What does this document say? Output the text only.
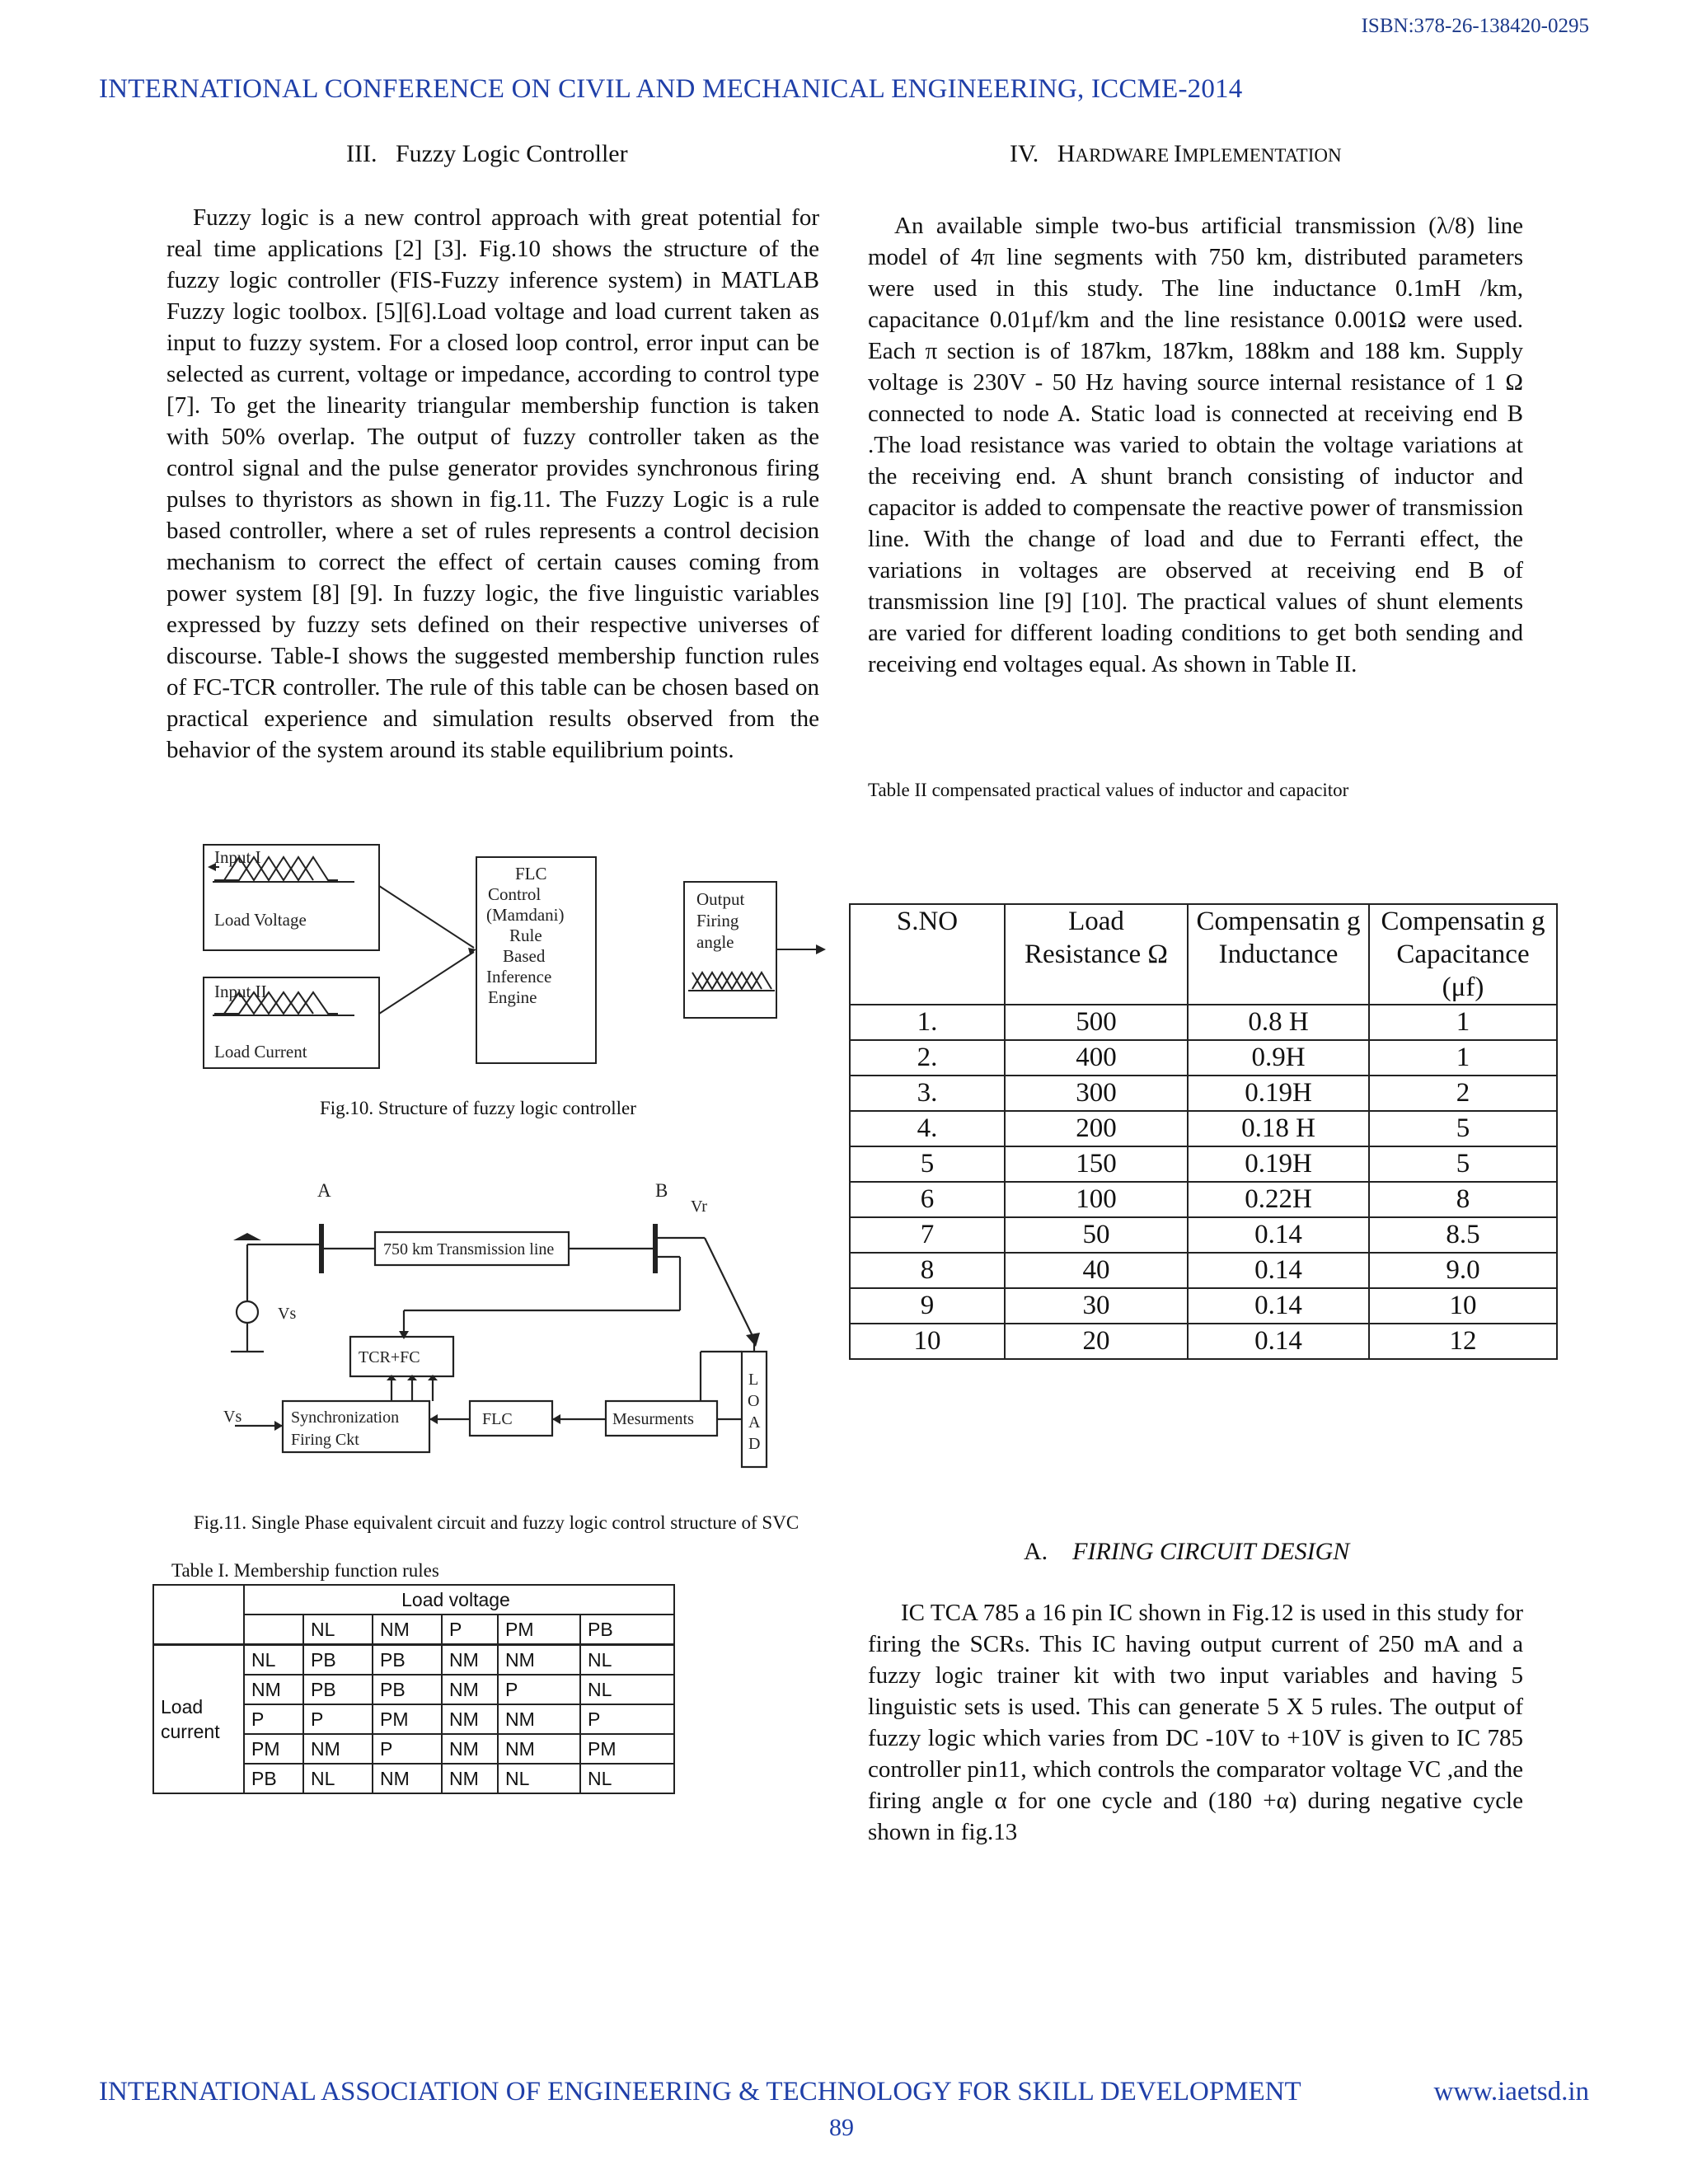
ISBN:378-26-138420-0295
INTERNATIONAL CONFERENCE ON CIVIL AND MECHANICAL ENGINEERING, ICCME-2014
III. Fuzzy Logic Controller
Fuzzy logic is a new control approach with great potential for real time applications [2] [3]. Fig.10 shows the structure of the fuzzy logic controller (FIS-Fuzzy inference system) in MATLAB Fuzzy logic toolbox. [5][6].Load voltage and load current taken as input to fuzzy system. For a closed loop control, error input can be selected as current, voltage or impedance, according to control type [7]. To get the linearity triangular membership function is taken with 50% overlap. The output of fuzzy controller taken as the control signal and the pulse generator provides synchronous firing pulses to thyristors as shown in fig.11. The Fuzzy Logic is a rule based controller, where a set of rules represents a control decision mechanism to correct the effect of certain causes coming from power system [8] [9]. In fuzzy logic, the five linguistic variables expressed by fuzzy sets defined on their respective universes of discourse. Table-I shows the suggested membership function rules of FC-TCR controller. The rule of this table can be chosen based on practical experience and simulation results observed from the behavior of the system around its stable equilibrium points.
IV. HARDWARE IMPLEMENTATION
An available simple two-bus artificial transmission (λ/8) line model of 4π line segments with 750 km, distributed parameters were used in this study. The line inductance 0.1mH /km, capacitance 0.01μf/km and the line resistance 0.001Ω were used. Each π section is of 187km, 187km, 188km and 188 km. Supply voltage is 230V - 50 Hz having source internal resistance of 1 Ω connected to node A. Static load is connected at receiving end B .The load resistance was varied to obtain the voltage variations at the receiving end. A shunt branch consisting of inductor and capacitor is added to compensate the reactive power of transmission line. With the change of load and due to Ferranti effect, the variations in voltages are observed at receiving end B of transmission line [9] [10]. The practical values of shunt elements are varied for different loading conditions to get both sending and receiving end voltages equal. As shown in Table II.
Table II compensated practical values of inductor and capacitor
S.NO	Load Resistance Ω	Compensatin g Inductance	Compensatin g Capacitance (μf)
1.	500	0.8 H	1
2.	400	0.9H	1
3.	300	0.19H	2
4.	200	0.18 H	5
5	150	0.19H	5
6	100	0.22H	8
7	50	0.14	8.5
8	40	0.14	9.0
9	30	0.14	10
10	20	0.14	12
Input I
Load Voltage
Input II
Load Current
FLC
Control
(Mamdani)
Rule
Based
Inference
Engine
Output
Firing
angle
Fig.10. Structure of fuzzy logic controller
A	B
Vr
Vs
Vs
750 km Transmission line
TCR+FC
Synchronization
Firing Ckt
FLC	Mesurments
L
O
A
D
Fig.11. Single Phase equivalent circuit and fuzzy logic control structure of SVC
Table I. Membership function rules
	Load voltage					
		NL	NM	P	PM	PB
Load current	NL	PB	PB	NM	NM	NL
	NM	PB	PB	NM	P	NL
	P	P	PM	NM	NM	P
	PM	NM	P	NM	NM	PM
	PB	NL	NM	NM	NL	NL
A. FIRING CIRCUIT DESIGN
IC TCA 785 a 16 pin IC shown in Fig.12 is used in this study for firing the SCRs. This IC having output current of 250 mA and a fuzzy logic trainer kit with two input variables and having 5 linguistic sets is used. This can generate 5 X 5 rules. The output of fuzzy logic which varies from DC -10V to +10V is given to IC 785 controller pin11, which controls the comparator voltage VC ,and the firing angle α for one cycle and (180 +α) during negative cycle shown in fig.13
INTERNATIONAL ASSOCIATION OF ENGINEERING & TECHNOLOGY FOR SKILL DEVELOPMENT	www.iaetsd.in
89
